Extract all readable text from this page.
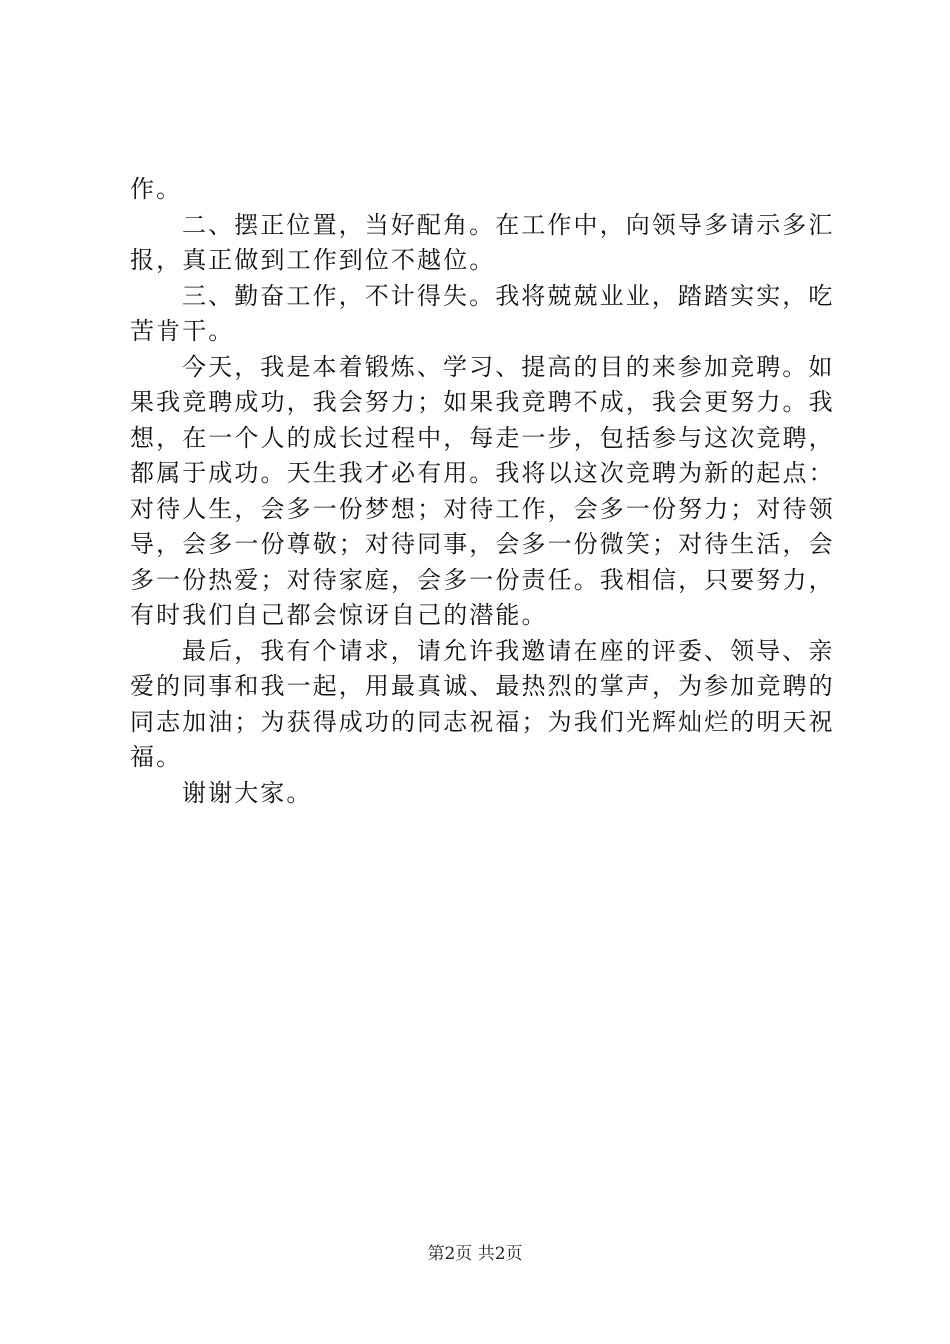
作。
二、摆正位置，当好配角。在工作中，向领导多请示多汇
报，真正做到工作到位不越位。
三、勤奋工作，不计得失。我将兢兢业业，踏踏实实，吃
苦肯干。
今天，我是本着锻炼、学习、提高的目的来参加竞聘。如
果我竞聘成功，我会努力；如果我竞聘不成，我会更努力。我
想，在一个人的成长过程中，每走一步，包括参与这次竞聘，
都属于成功。天生我才必有用。我将以这次竞聘为新的起点：
对待人生，会多一份梦想；对待工作，会多一份努力；对待领
导，会多一份尊敬；对待同事，会多一份微笑；对待生活，会
多一份热爱；对待家庭，会多一份责任。我相信，只要努力，
有时我们自己都会惊讶自己的潜能。
最后，我有个请求，请允许我邀请在座的评委、领导、亲
爱的同事和我一起，用最真诚、最热烈的掌声，为参加竞聘的
同志加油；为获得成功的同志祝福；为我们光辉灿烂的明天祝
福。
谢谢大家。
第2页 共2页
